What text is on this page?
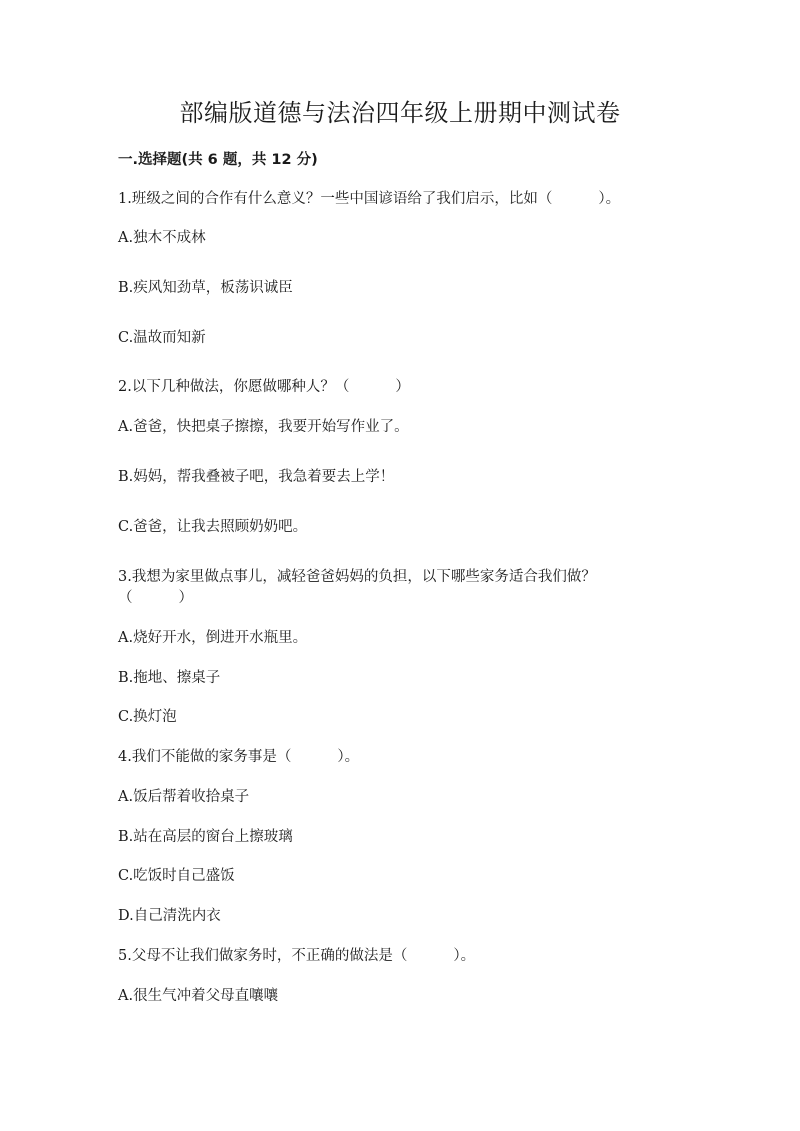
部编版道德与法治四年级上册期中测试卷
一.选择题(共 6 题，共 12 分)
1.班级之间的合作有什么意义？一些中国谚语给了我们启示，比如（	）。
A.独木不成林
B.疾风知劲草，板荡识诚臣
C.温故而知新
2.以下几种做法，你愿做哪种人？（	）
A.爸爸，快把桌子擦擦，我要开始写作业了。
B.妈妈，帮我叠被子吧，我急着要去上学！
C.爸爸，让我去照顾奶奶吧。
3.我想为家里做点事儿，减轻爸爸妈妈的负担，以下哪些家务适合我们做？
（	）
A.烧好开水，倒进开水瓶里。
B.拖地、擦桌子
C.换灯泡
4.我们不能做的家务事是（	）。
A.饭后帮着收拾桌子
B.站在高层的窗台上擦玻璃
C.吃饭时自己盛饭
D.自己清洗内衣
5.父母不让我们做家务时，不正确的做法是（	）。
A.很生气冲着父母直嚷嚷
